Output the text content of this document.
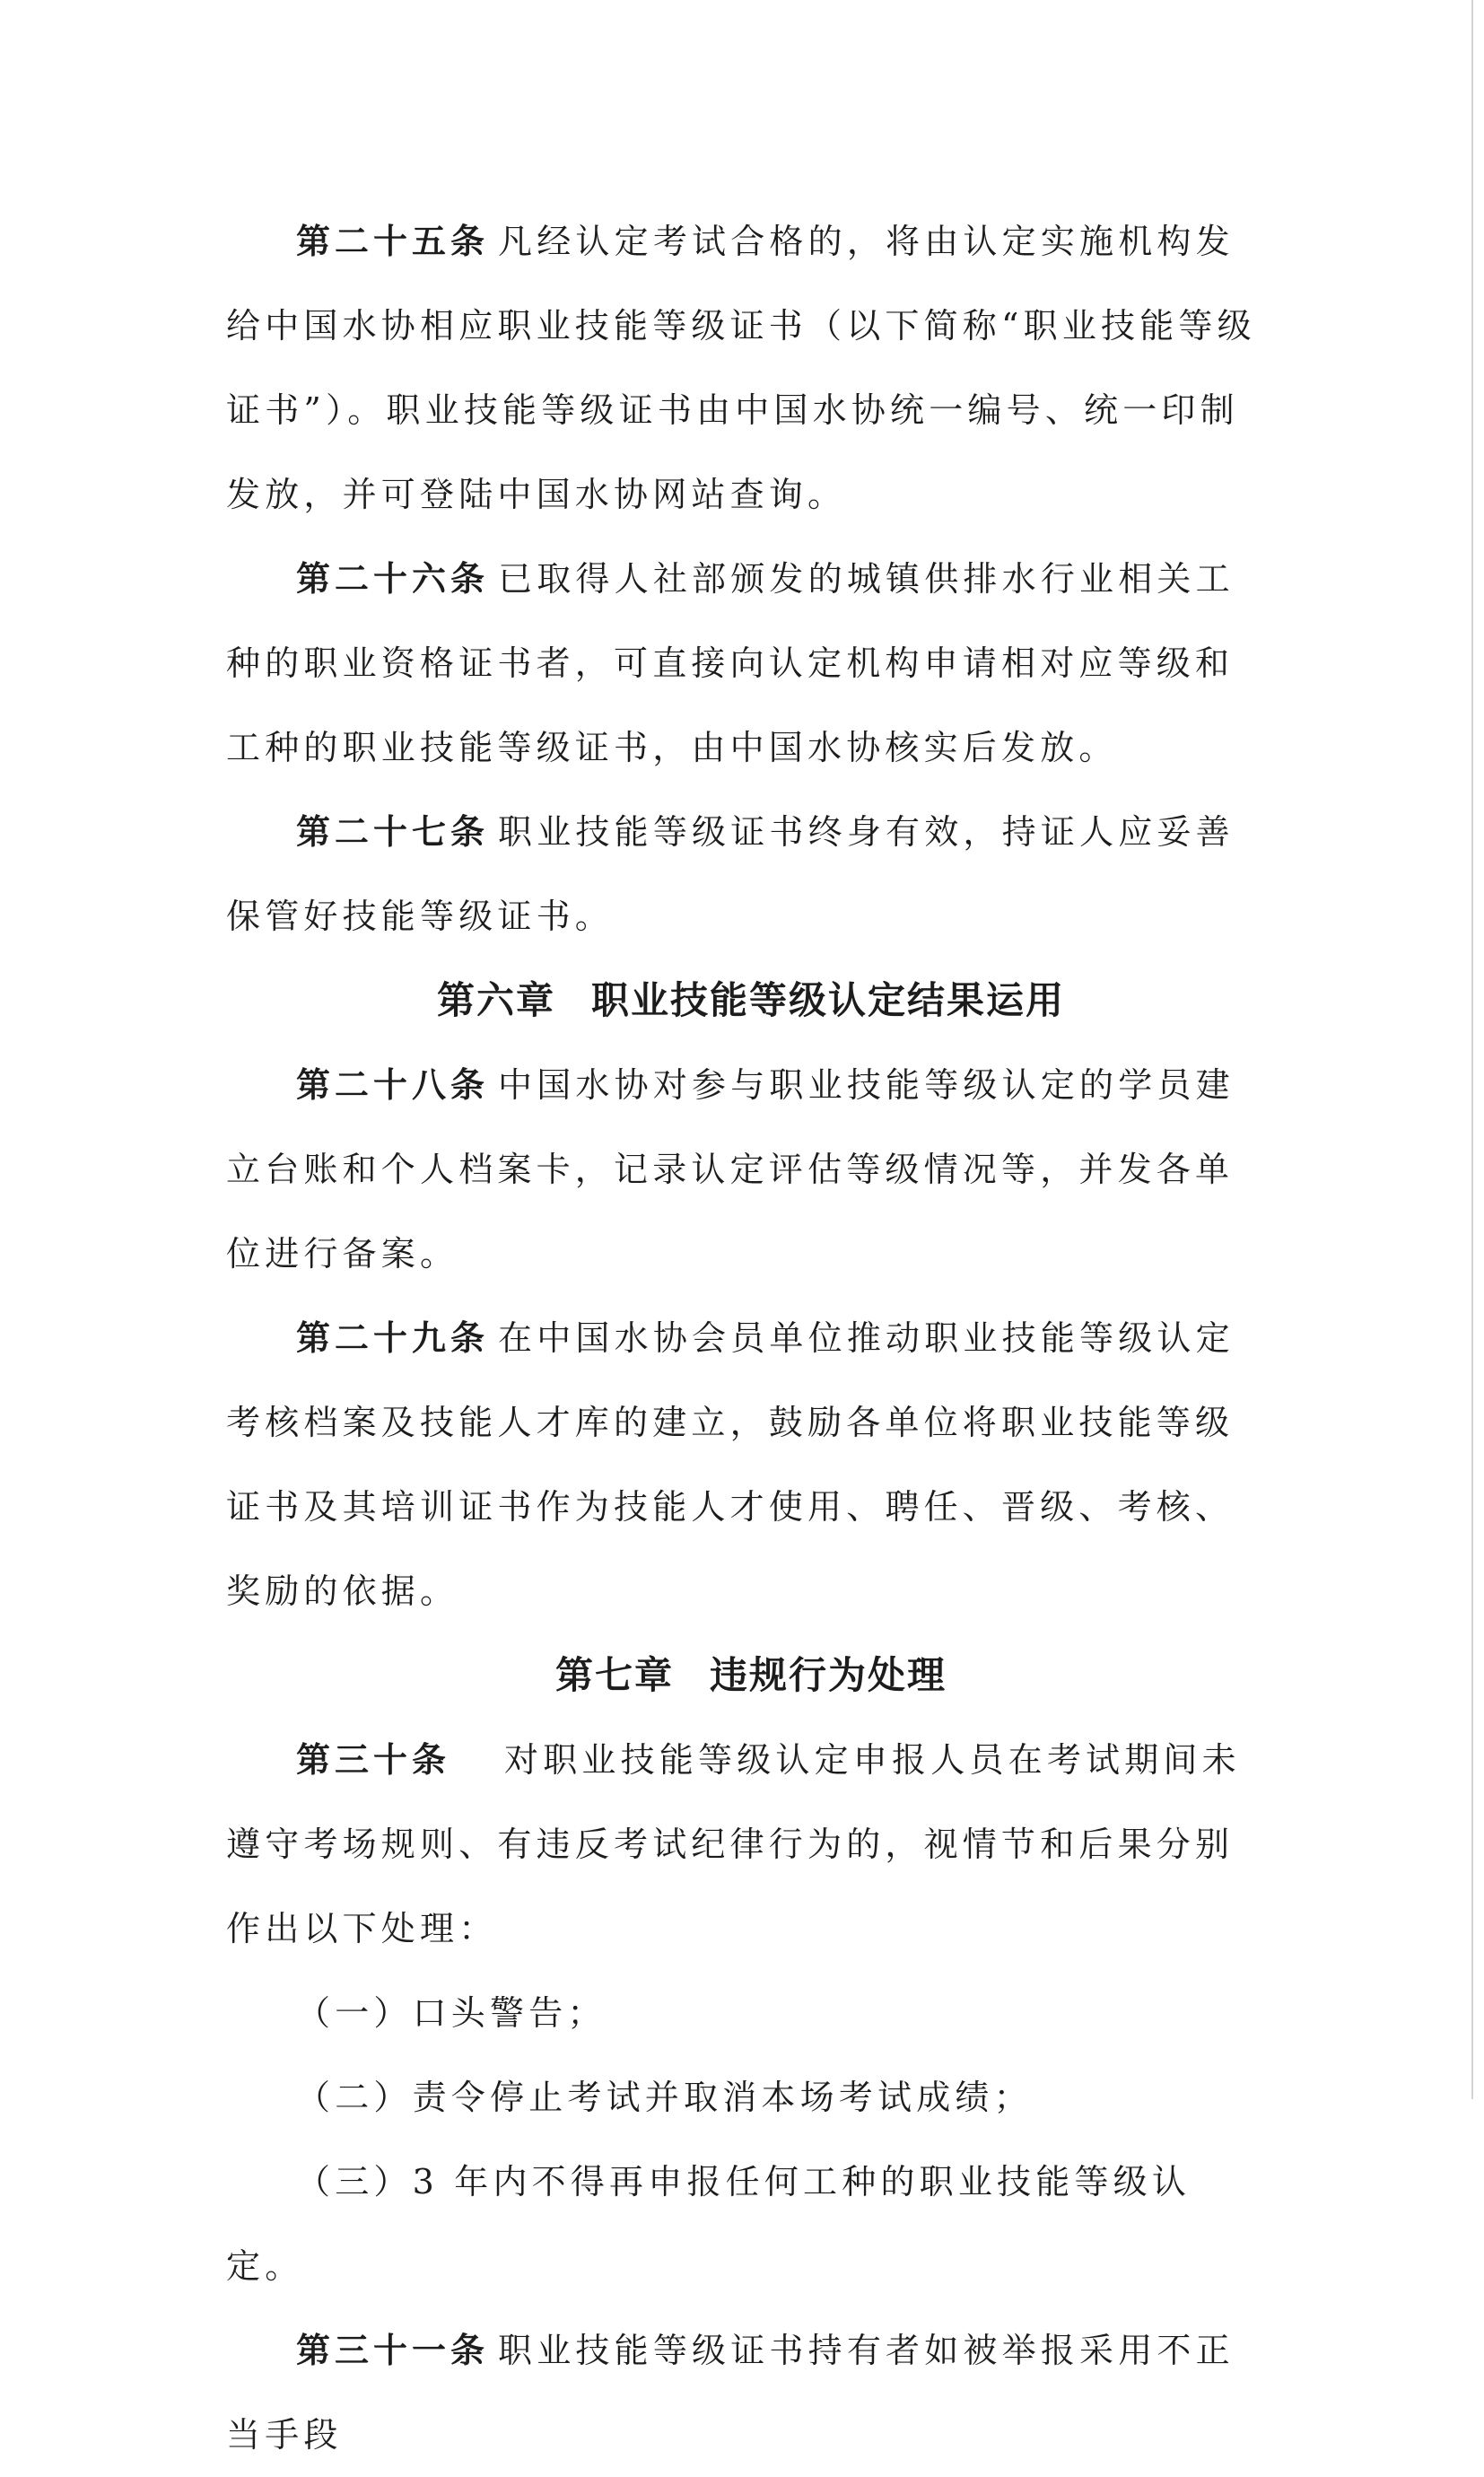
第二十五条 凡经认定考试合格的，将由认定实施机构发给中国水协相应职业技能等级证书（以下简称“职业技能等级证书”）。职业技能等级证书由中国水协统一编号、统一印制发放，并可登陆中国水协网站查询。

第二十六条 已取得人社部颁发的城镇供排水行业相关工种的职业资格证书者，可直接向认定机构申请相对应等级和工种的职业技能等级证书，由中国水协核实后发放。

第二十七条 职业技能等级证书终身有效，持证人应妥善保管好技能等级证书。

第六章 职业技能等级认定结果运用

第二十八条 中国水协对参与职业技能等级认定的学员建立台账和个人档案卡，记录认定评估等级情况等，并发各单位进行备案。

第二十九条 在中国水协会员单位推动职业技能等级认定考核档案及技能人才库的建立，鼓励各单位将职业技能等级证书及其培训证书作为技能人才使用、聘任、晋级、考核、奖励的依据。

第七章 违规行为处理

第三十条 对职业技能等级认定申报人员在考试期间未遵守考场规则、有违反考试纪律行为的，视情节和后果分别作出以下处理：

（一）口头警告；

（二）责令停止考试并取消本场考试成绩；

（三）3 年内不得再申报任何工种的职业技能等级认定。

第三十一条 职业技能等级证书持有者如被举报采用不正当手段
